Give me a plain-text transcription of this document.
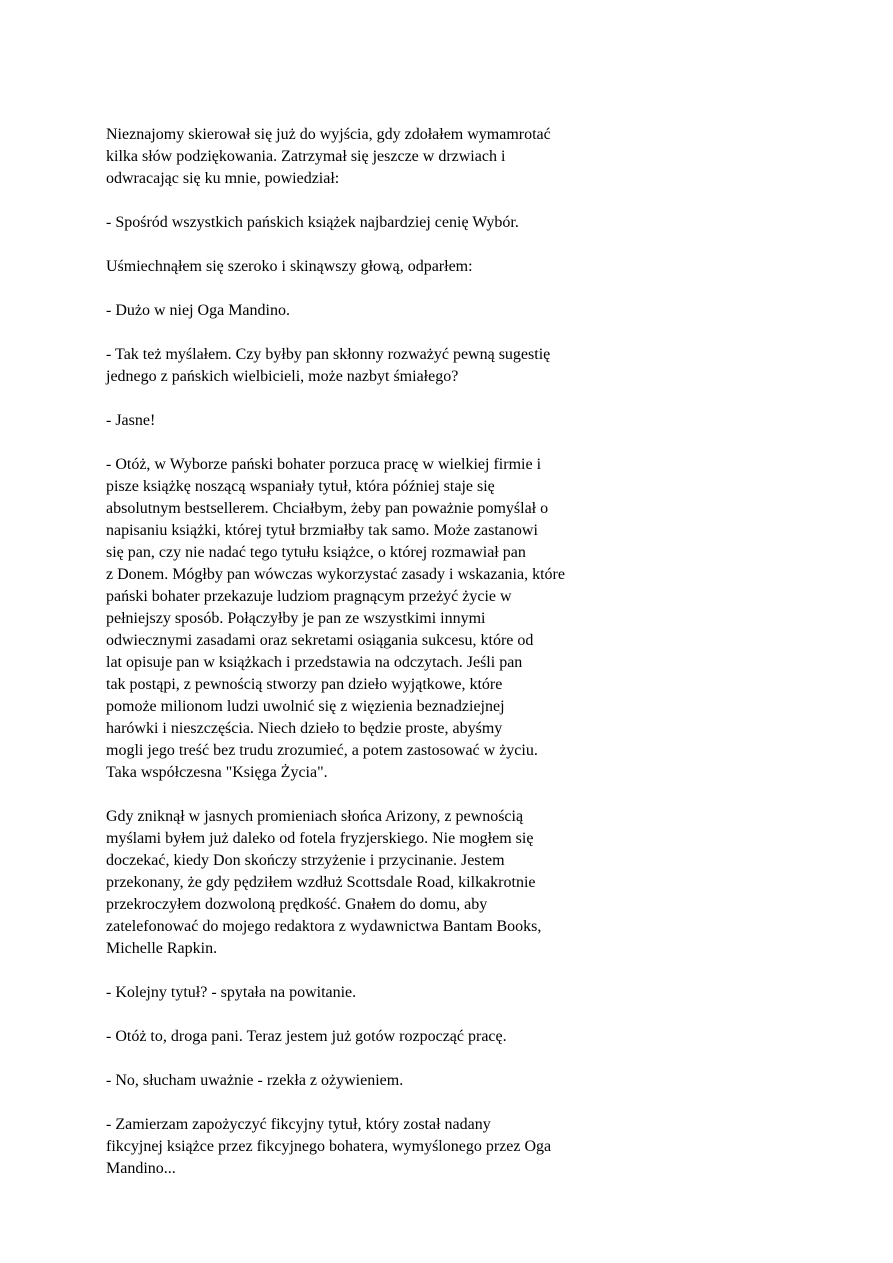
Nieznajomy skierował się już do wyjścia, gdy zdołałem wymamrotać
kilka słów podziękowania. Zatrzymał się jeszcze w drzwiach i
odwracając się ku mnie, powiedział:

- Spośród wszystkich pańskich książek najbardziej cenię Wybór.

Uśmiechnąłem się szeroko i skinąwszy głową, odparłem:

- Dużo w niej Oga Mandino.

- Tak też myślałem. Czy byłby pan skłonny rozważyć pewną sugestię
jednego z pańskich wielbicieli, może nazbyt śmiałego?

- Jasne!

- Otóż, w Wyborze pański bohater porzuca pracę w wielkiej firmie i
pisze książkę noszącą wspaniały tytuł, która później staje się
absolutnym bestsellerem. Chciałbym, żeby pan poważnie pomyślał o
napisaniu książki, której tytuł brzmiałby tak samo. Może zastanowi
się pan, czy nie nadać tego tytułu książce, o której rozmawiał pan
z Donem. Mógłby pan wówczas wykorzystać zasady i wskazania, które
pański bohater przekazuje ludziom pragnącym przeżyć życie w
pełniejszy sposób. Połączyłby je pan ze wszystkimi innymi
odwiecznymi zasadami oraz sekretami osiągania sukcesu, które od
lat opisuje pan w książkach i przedstawia na odczytach. Jeśli pan
tak postąpi, z pewnością stworzy pan dzieło wyjątkowe, które
pomoże milionom ludzi uwolnić się z więzienia beznadziejnej
harówki i nieszczęścia. Niech dzieło to będzie proste, abyśmy
mogli jego treść bez trudu zrozumieć, a potem zastosować w życiu.
Taka współczesna "Księga Życia".

Gdy zniknął w jasnych promieniach słońca Arizony, z pewnością
myślami byłem już daleko od fotela fryzjerskiego. Nie mogłem się
doczekać, kiedy Don skończy strzyżenie i przycinanie. Jestem
przekonany, że gdy pędziłem wzdłuż Scottsdale Road, kilkakrotnie
przekroczyłem dozwoloną prędkość. Gnałem do domu, aby
zatelefonować do mojego redaktora z wydawnictwa Bantam Books,
Michelle Rapkin.

- Kolejny tytuł? - spytała na powitanie.

- Otóż to, droga pani. Teraz jestem już gotów rozpocząć pracę.

- No, słucham uważnie - rzekła z ożywieniem.

- Zamierzam zapożyczyć fikcyjny tytuł, który został nadany
fikcyjnej książce przez fikcyjnego bohatera, wymyślonego przez Oga
Mandino...
